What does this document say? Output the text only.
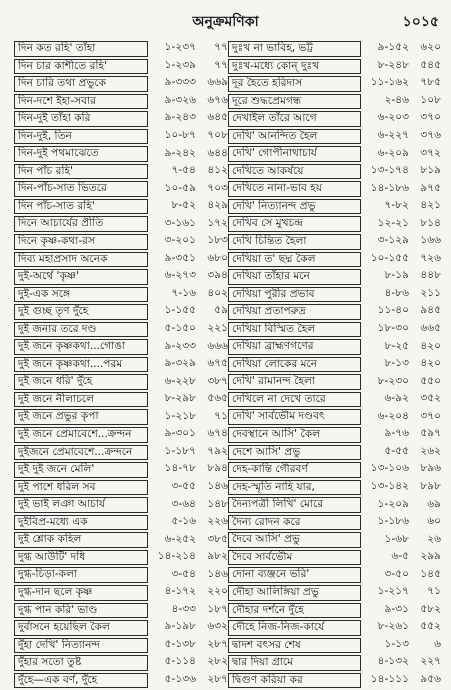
অনুক্রমণিকা	১০১৫
দিন কত রহি' তাঁহা	১-২৩৭	৭৭
দিন চার কাশীতে রহি'	১-২৩৯	৭৭
দিন চারি তথা প্রভুকে	৯-৩৩৩	৬৬৯
দিন-দশে ইহা-সবার	৯-৩২৬	৬৭৬
দিন-দুই তাঁহা করি	৯-২৪৩	৬৪৫
দিন-দুই, তিন	১০-৮৭	৭০৮
দিন-দুই পথমাঝেতে	৯-২৪২	৬৪৪
দিন পাঁচ রহি'	৭-৫৪	৪১২
দিন-পাঁচ-সাত ভিতরে	১০-৫৯	৭০৩
দিন পাঁচ-সাত রহি'	৮-৫২	৪২৯
দিনে আচার্যের প্রীতি	৩-১৬১	১৭২
দিনে কৃষ্ণ-কথা-রস	৩-২০১	১৮৩
দিব্য মহাপ্রসাদ অনেক	৯-৩৫১	৬৮০
দুই-অর্থে 'কৃষ্ণ'	৬-২৭৩	৩৯৪
দুই-এক সঙ্গে	৭-১৬	৪০২
দুই গুচ্ছ তৃণ দুঁহে	১-১৫৫	৫৯
দুই জনার তরে দণ্ড	৫-১৫০	২২১
দুই জনে কৃষ্ণকথা...গোঙা	৯-২৩৩	৬৬৬
দুই জনে কৃষ্ণকথা....পরম	৯-৩২৯	৬৭৫
দুই জনে ধরি' দুঁহে	৬-২২৮	৩৮৭
দুই জনে নীলাচলে	৮-২৯৮	৫৬৫
দুই জনে প্রভুর কৃপা	১-২১৮	৭১
দুই জনে প্রেমাবেশে...ক্রন্দন	৯-৩০১	৬৭৪
দুইজনে প্রেমাবেশে...ক্রন্দনে	১-১৮৭	৭৯২
দুই দুই জনে মেলি'	১৪-৭৮	৮৯৪
দুই পাশে ধরিল সব	৩-৫৫	১৪৬
দুই ভাই লঞা আচার্য	৩-৬৪	১৪৮
দুইবিপ্র-মধ্যে এক	৫-১৬	২২৬
দুই শ্লোক কহিল	৬-২৫২	৩৮৫
দুগ্ধ আউটি' দধি	১৪-২১৪	৯৮২
দুগ্ধ-চিড়া-কলা	৩-৫৪	১৪৬
দুগ্ধ-দান ছলে কৃষ্ণ	৪-১৭২	২২০
দুগ্ধ পান করি' ভাণ্ড	৪-৩৩	১৮৭
দুর্বাসনে হয়েছিল কৈল	৯-১৯৮	৬৩২
দুঁহা দেখি' নিত্যানন্দ	৫-১৩৮	২৮৭
দুঁহার সতো তুষ্ট	৫-১১৪	২৮২
দুঁহে—এক বর্ণ, দুঁহে	৫-১৩৬	২৮৭
দুঃখ না ভাবিহ, ভট্ট	৯-১৫২	৬২০
দুঃখ-মধ্যে কোন্ দুঃখ	৮-২৪৮	৫৪৫
দূর হৈতে হরিদাস	১১-১৬২	৭৮৫
দূরে শুদ্ধপ্রেমগন্ধ	২-৪৬	১০৮
দেখাইল তাঁরে আগে	৬-২০৩	৩৭০
দেখি' আনন্দিত হৈল	৬-২২৭	৩৭৬
দেখি' গোপীনাথাচার্য	৬-২০৯	৩৭২
দেখিতে আকর্ষয়ে	১৩-১৭৪	৮১৯
দেখিতে নানা-ভাব হয়	১৪-১৮৬	৯৭৫
দেখি' নিত্যানন্দ প্রভু	৭-৮২	৪২১
দেখিব সে মুখচন্দ্র	১২-২১	৮১৪
দেখি চিন্তিত হৈলা	৩-১২৯	১৬৬
দেখিয়া ত' ছদ্ম কৈল	১০-১৫৫	৭২৬
দেখিয়া তাঁহার মনে	৮-১৯	৪৪৮
দেখিয়া পুরীর প্রভাব	৪-৮৬	২১১
দেখিয়া প্রতাপরুদ্র	১১-৪০	৯৪৫
দেখিয়া বিস্মিত হৈল	১৮-৩০	৬৬৫
দেখিয়া ব্রাহ্মণগণের	৮-২৫	৪২০
দেখিয়া লোকের মনে	৮-১৩	৪২০
দেখি' রামানন্দ হৈলা	৮-২৩০	৫৫০
দেখিলে না দেখে তারে	৬-৯২	৩৫২
দেখি' সার্বভৌম দণ্ডবৎ	৬-২০৪	৩৭০
দেবস্থানে আসি' কৈল	৯-৭৬	৫৯৭
দেশে আসি' প্রভু	৫-৫৫	২৬২
দেহ-কান্তি গৌরবর্ণ	১৩-১০৬	৮৯৬
দেহ-স্মৃতি নাহি যার,	১৩-১৪২	৮৯৮
দৈন্যপত্রী লিখি' মোরে	১-২০৯	৬৯
দৈন্য রোদন করে	১-১৮৬	৬০
দৈবে আসি' প্রভু	১-৬৮	২৬
দৈবে সার্বভৌম	৬-৫	২৯৯
দোনা ব্যঞ্জনে ভরি'	৩-৫০	১৪৫
দৌহা আলিঙ্গিয়া প্রভু	১-২১৭	৭১
দৌহার দর্শনে দুঁহে	৯-৩১	৫৮২
দৌহে নিজ-নিজ-কার্যে	৮-২৬১	৫৫২
দ্বাদশ বৎসর শেষ	১-১৩	৬
দ্বার দিয়া গ্রামে	৪-১৩২	২২৭
দ্বিগুণ করিয়া কর	১৪-১১১	৯৫৬
